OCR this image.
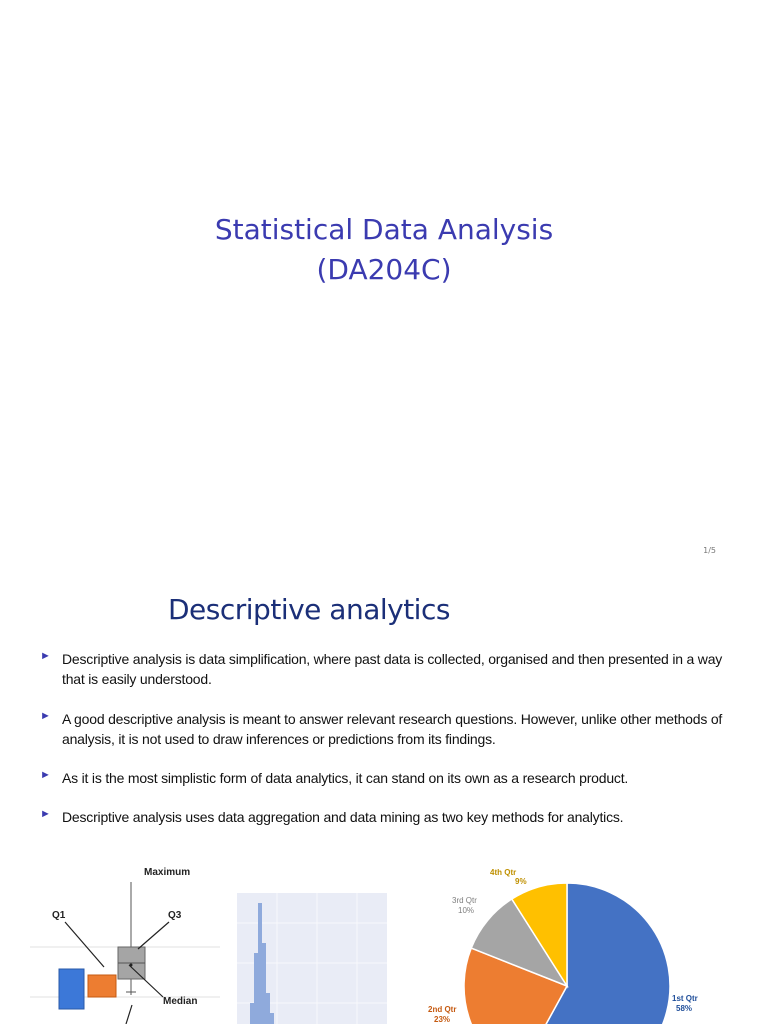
Statistical Data Analysis
(DA204C)
1/5
Descriptive analytics
► Descriptive analysis is data simplification, where past data is collected, organised and then presented in a way that is easily understood.
► A good descriptive analysis is meant to answer relevant research questions. However, unlike other methods of analysis, it is not used to draw inferences or predictions from its findings.
► As it is the most simplistic form of data analytics, it can stand on its own as a research product.
► Descriptive analysis uses data aggregation and data mining as two key methods for analytics.
Maximum
Q1	Q3
Median
4th Qtr
9%
3rd Qtr
10%
2nd Qtr
23%
1st Qtr
58%
